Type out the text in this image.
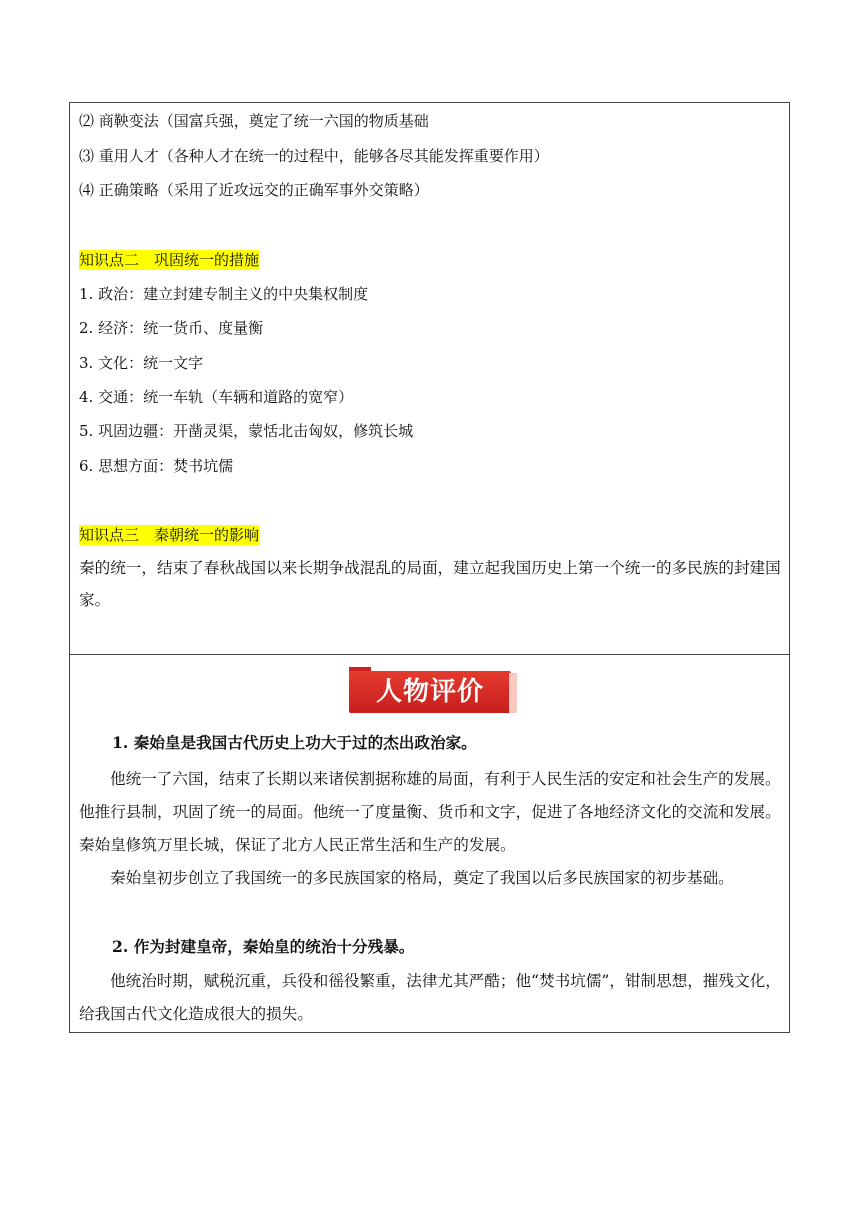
⑵ 商鞅变法（国富兵强，奠定了统一六国的物质基础
⑶ 重用人才（各种人才在统一的过程中，能够各尽其能发挥重要作用）
⑷ 正确策略（采用了近攻远交的正确军事外交策略）
知识点二　巩固统一的措施
1. 政治：建立封建专制主义的中央集权制度
2. 经济：统一货币、度量衡
3. 文化：统一文字
4. 交通：统一车轨（车辆和道路的宽窄）
5. 巩固边疆：开凿灵渠，蒙恬北击匈奴，修筑长城
6. 思想方面：焚书坑儒
知识点三　秦朝统一的影响
秦的统一，结束了春秋战国以来长期争战混乱的局面，建立起我国历史上第一个统一的多民族的封建国家。
人物评价
1. 秦始皇是我国古代历史上功大于过的杰出政治家。
他统一了六国，结束了长期以来诸侯割据称雄的局面，有利于人民生活的安定和社会生产的发展。他推行县制，巩固了统一的局面。他统一了度量衡、货币和文字，促进了各地经济文化的交流和发展。秦始皇修筑万里长城，保证了北方人民正常生活和生产的发展。
秦始皇初步创立了我国统一的多民族国家的格局，奠定了我国以后多民族国家的初步基础。
2. 作为封建皇帝，秦始皇的统治十分残暴。
他统治时期，赋税沉重，兵役和徭役繁重，法律尤其严酷；他“焚书坑儒”，钳制思想，摧残文化，给我国古代文化造成很大的损失。
